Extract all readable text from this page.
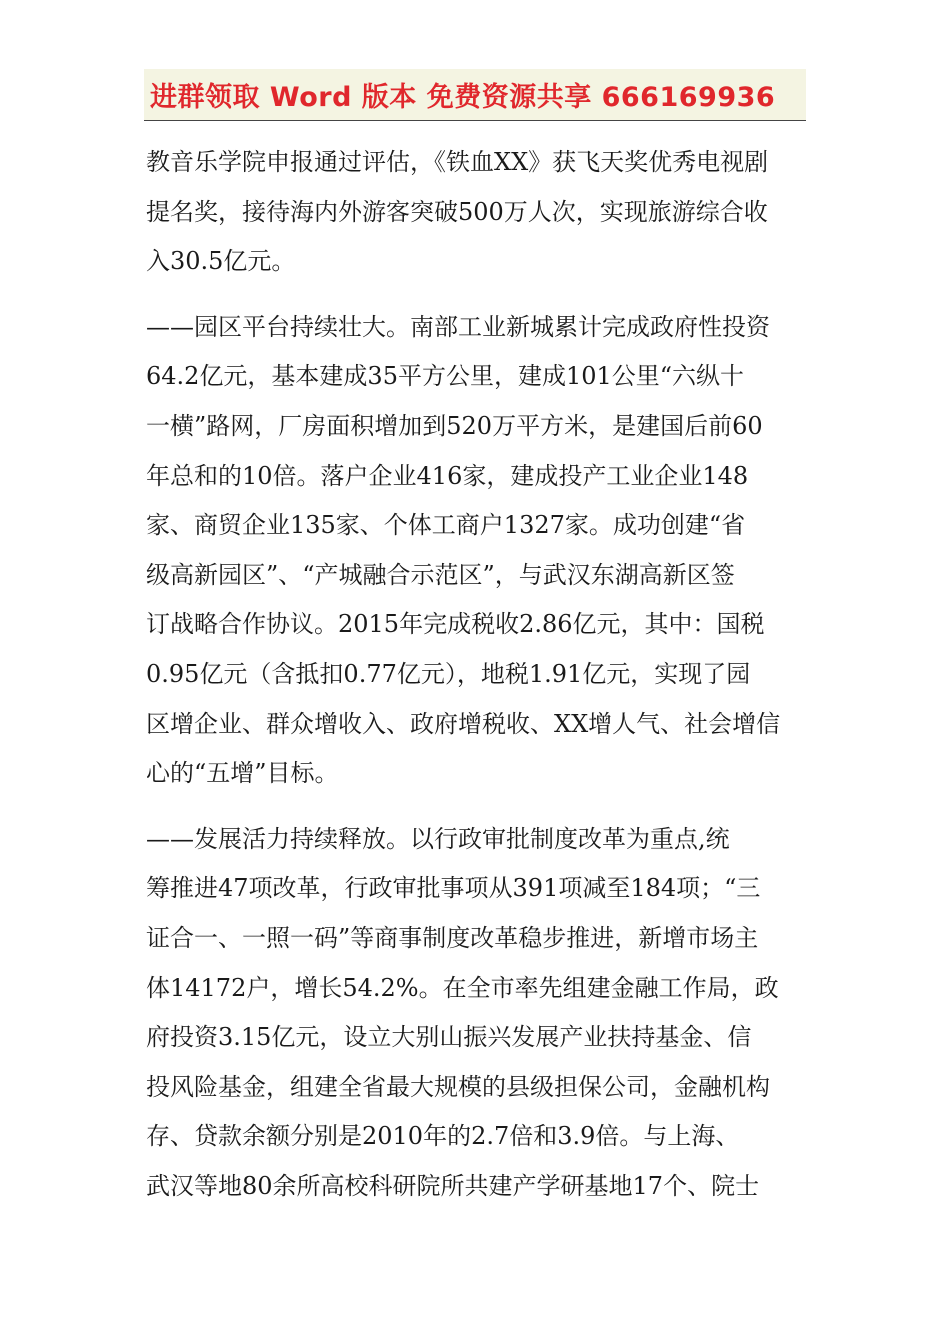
进群领取 Word 版本 免费资源共享 666169936
教音乐学院申报通过评估，《铁血XX》获飞天奖优秀电视剧
提名奖，接待海内外游客突破500万人次，实现旅游综合收
入30.5亿元。
——园区平台持续壮大。南部工业新城累计完成政府性投资
64.2亿元，基本建成35平方公里，建成101公里“六纵十
一横”路网，厂房面积增加到520万平方米，是建国后前60
年总和的10倍。落户企业416家，建成投产工业企业148
家、商贸企业135家、个体工商户1327家。成功创建“省
级高新园区”、“产城融合示范区”，与武汉东湖高新区签
订战略合作协议。2015年完成税收2.86亿元，其中：国税
0.95亿元（含抵扣0.77亿元），地税1.91亿元，实现了园
区增企业、群众增收入、政府增税收、XX增人气、社会增信
心的“五增”目标。
——发展活力持续释放。以行政审批制度改革为重点,统
筹推进47项改革，行政审批事项从391项减至184项；“三
证合一、一照一码”等商事制度改革稳步推进，新增市场主
体14172户，增长54.2%。在全市率先组建金融工作局，政
府投资3.15亿元，设立大别山振兴发展产业扶持基金、信
投风险基金，组建全省最大规模的县级担保公司，金融机构
存、贷款余额分别是2010年的2.7倍和3.9倍。与上海、
武汉等地80余所高校科研院所共建产学研基地17个、院士
